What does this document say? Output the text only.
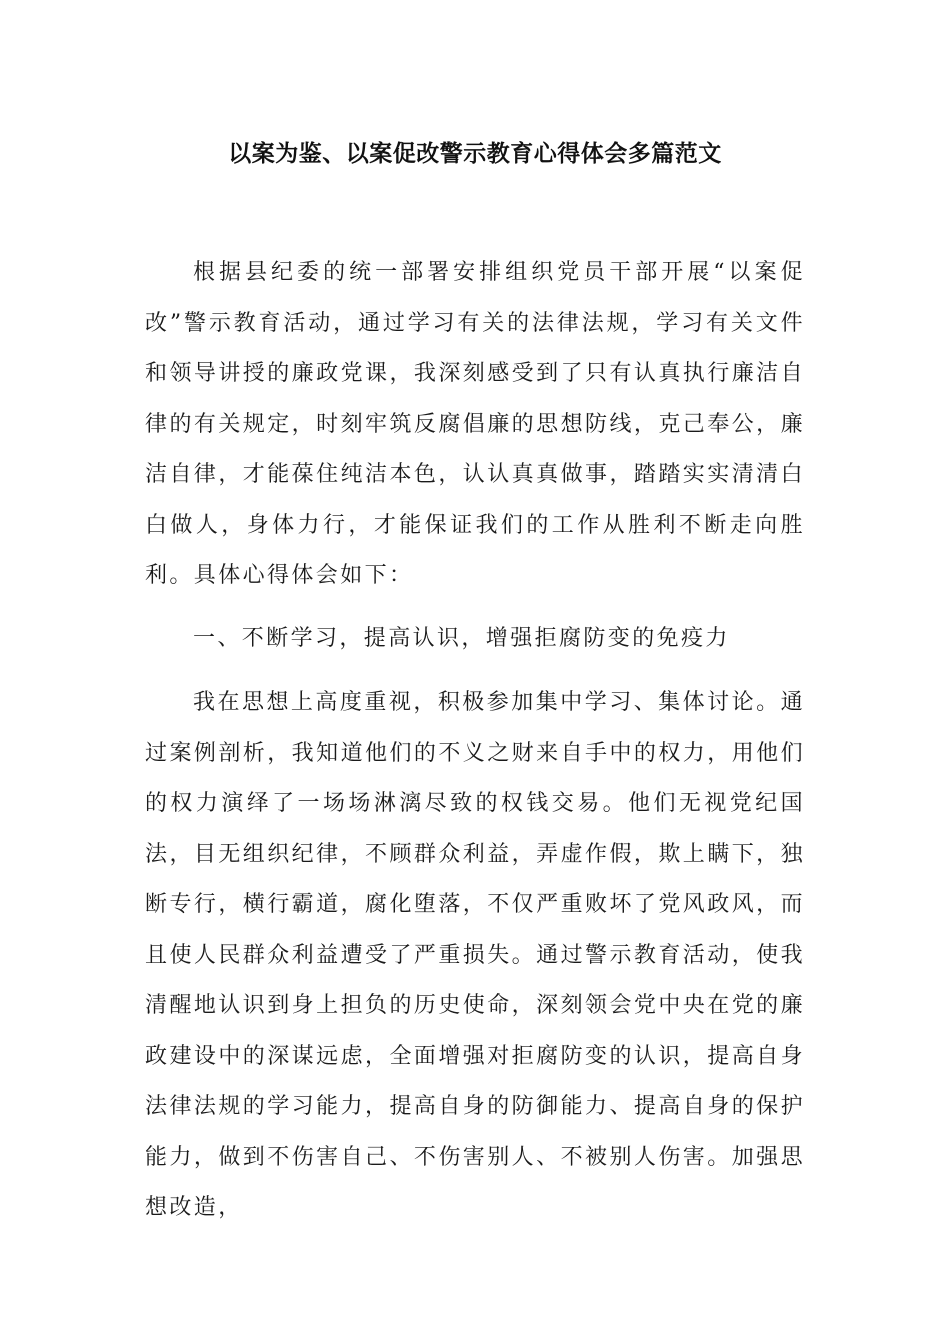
以案为鉴、以案促改警示教育心得体会多篇范文

根据县纪委的统一部署安排组织党员干部开展“以案促改”警示教育活动，通过学习有关的法律法规，学习有关文件和领导讲授的廉政党课，我深刻感受到了只有认真执行廉洁自律的有关规定，时刻牢筑反腐倡廉的思想防线，克己奉公，廉洁自律，才能葆住纯洁本色，认认真真做事，踏踏实实清清白白做人，身体力行，才能保证我们的工作从胜利不断走向胜利。具体心得体会如下：

一、不断学习，提高认识，增强拒腐防变的免疫力

我在思想上高度重视，积极参加集中学习、集体讨论。通过案例剖析，我知道他们的不义之财来自手中的权力，用他们的权力演绎了一场场淋漓尽致的权钱交易。他们无视党纪国法，目无组织纪律，不顾群众利益，弄虚作假，欺上瞒下，独断专行，横行霸道，腐化堕落，不仅严重败坏了党风政风，而且使人民群众利益遭受了严重损失。通过警示教育活动，使我清醒地认识到身上担负的历史使命，深刻领会党中央在党的廉政建设中的深谋远虑，全面增强对拒腐防变的认识，提高自身法律法规的学习能力，提高自身的防御能力、提高自身的保护能力，做到不伤害自己、不伤害别人、不被别人伤害。加强思想改造，
